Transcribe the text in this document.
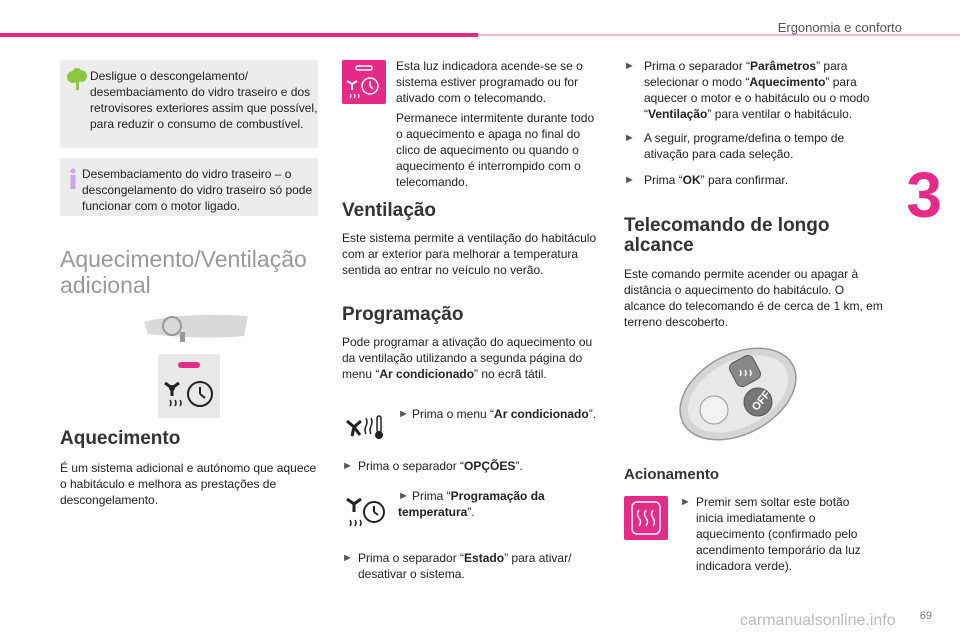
Ergonomia e conforto
3
Desligue o descongelamento/ desembaciamento do vidro traseiro e dos retrovisores exteriores assim que possível, para reduzir o consumo de combustível.
Desembaciamento do vidro traseiro – o descongelamento do vidro traseiro só pode funcionar com o motor ligado.
Aquecimento/Ventilação adicional
Aquecimento
É um sistema adicional e autónomo que aquece o habitáculo e melhora as prestações de descongelamento.
Esta luz indicadora acende-se se o sistema estiver programado ou for ativado com o telecomando.
Permanece intermitente durante todo o aquecimento e apaga no final do clico de aquecimento ou quando o aquecimento é interrompido com o telecomando.
Ventilação
Este sistema permite a ventilação do habitáculo com ar exterior para melhorar a temperatura sentida ao entrar no veículo no verão.
Programação
Pode programar a ativação do aquecimento ou da ventilação utilizando a segunda página do menu “Ar condicionado” no ecrã tátil.
► Prima o menu “Ar condicionado”.
► Prima o separador “OPÇÕES”.
► Prima “Programação da temperatura”.
► Prima o separador “Estado” para ativar/ desativar o sistema.
► Prima o separador “Parâmetros” para selecionar o modo “Aquecimento” para aquecer o motor e o habitáculo ou o modo “Ventilação” para ventilar o habitáculo.
► A seguir, programe/defina o tempo de ativação para cada seleção.
► Prima “OK” para confirmar.
Telecomando de longo alcance
Este comando permite acender ou apagar à distância o aquecimento do habitáculo. O alcance do telecomando é de cerca de 1 km, em terreno descoberto.
OFF
Acionamento
► Premir sem soltar este botão inicia imediatamente o aquecimento (confirmado pelo acendimento temporário da luz indicadora verde).
carmanualsonline.info 69
